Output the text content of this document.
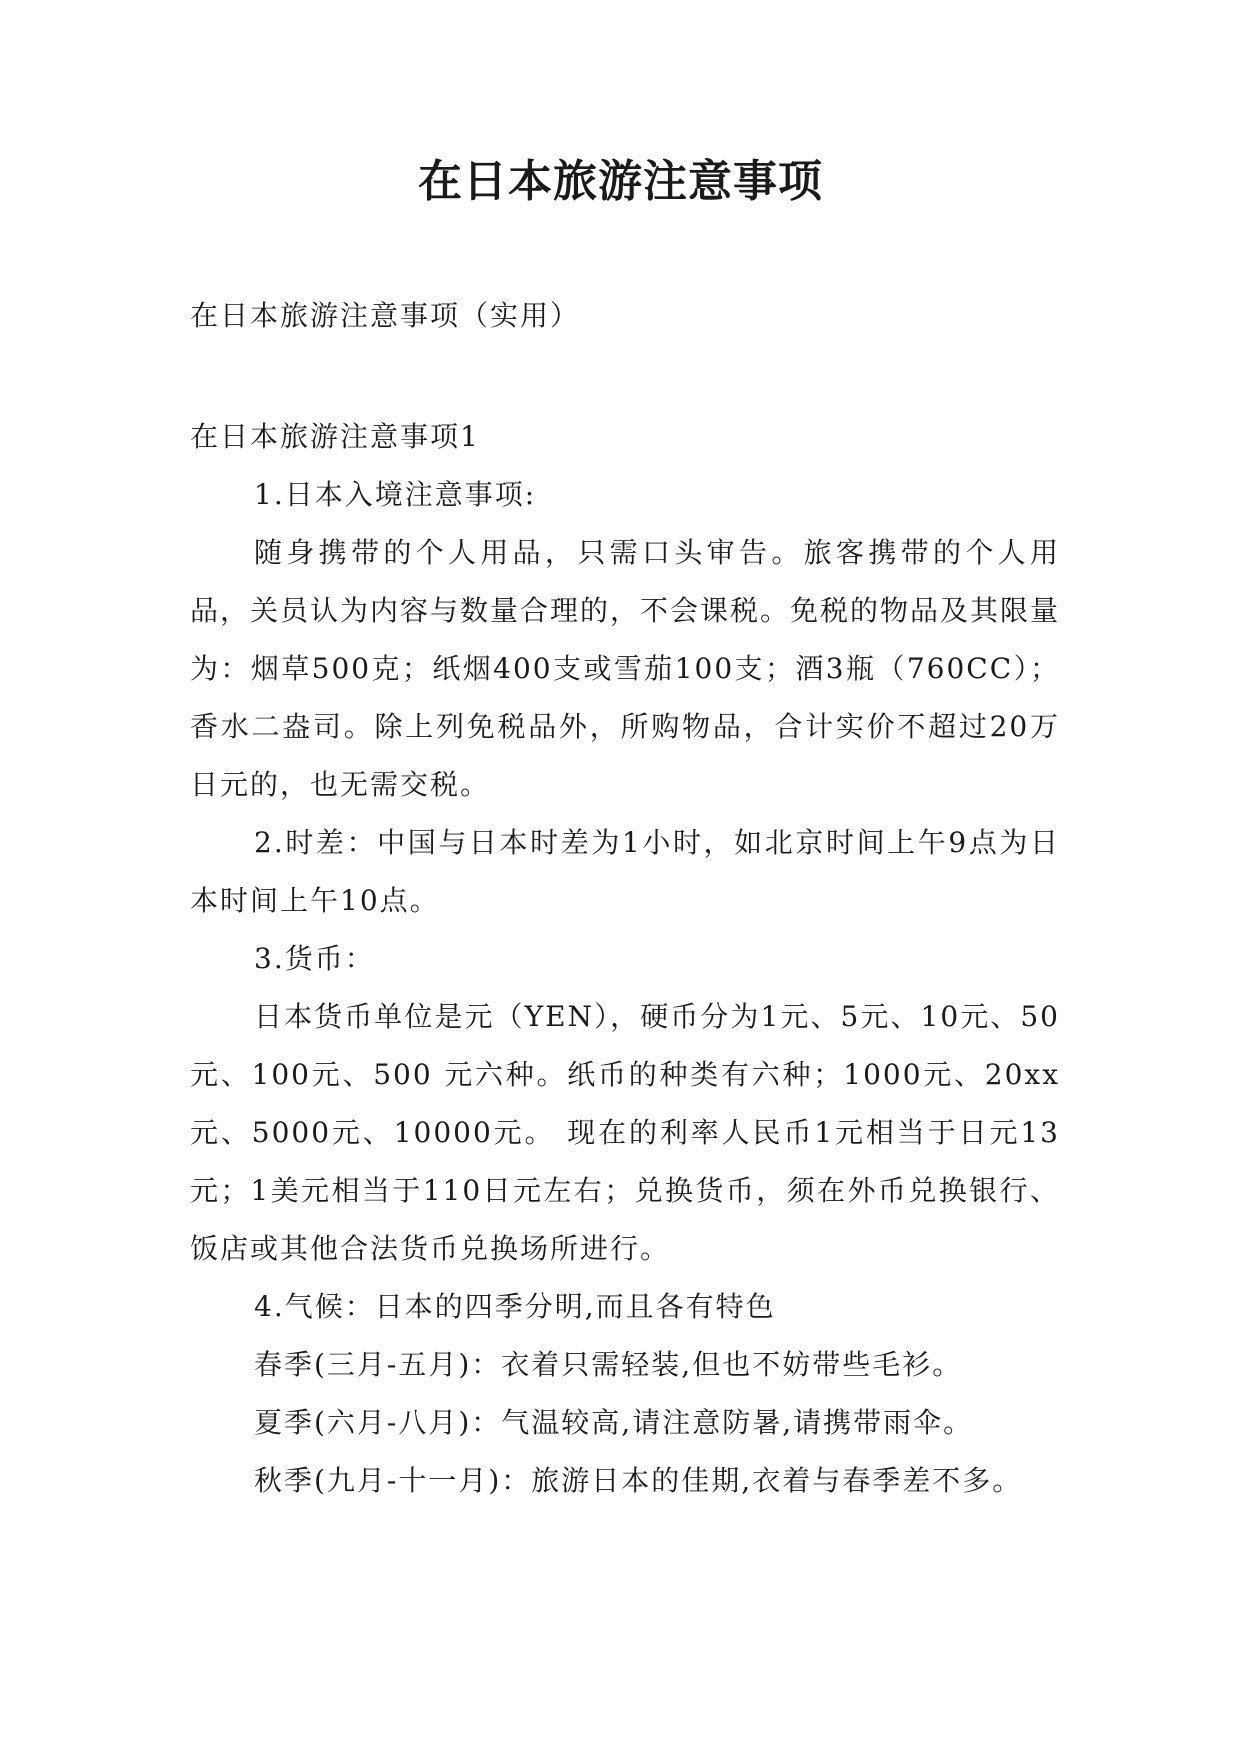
在日本旅游注意事项

在日本旅游注意事项（实用）

在日本旅游注意事项1

1.日本入境注意事项:

随身携带的个人用品，只需口头审告。旅客携带的个人用品，关员认为内容与数量合理的，不会课税。免税的物品及其限量为：烟草500克；纸烟400支或雪茄100支；酒3瓶（760CC）；香水二盎司。除上列免税品外，所购物品，合计实价不超过20万日元的，也无需交税。

2.时差：中国与日本时差为1小时，如北京时间上午9点为日本时间上午10点。

3.货币：

日本货币单位是元（YEN），硬币分为1元、5元、10元、50元、100元、500 元六种。纸币的种类有六种；1000元、20xx元、5000元、10000元。 现在的利率人民币1元相当于日元13元；1美元相当于110日元左右；兑换货币，须在外币兑换银行、饭店或其他合法货币兑换场所进行。

4.气候：日本的四季分明,而且各有特色

春季(三月-五月)：衣着只需轻装,但也不妨带些毛衫。

夏季(六月-八月)：气温较高,请注意防暑,请携带雨伞。

秋季(九月-十一月)：旅游日本的佳期,衣着与春季差不多。
